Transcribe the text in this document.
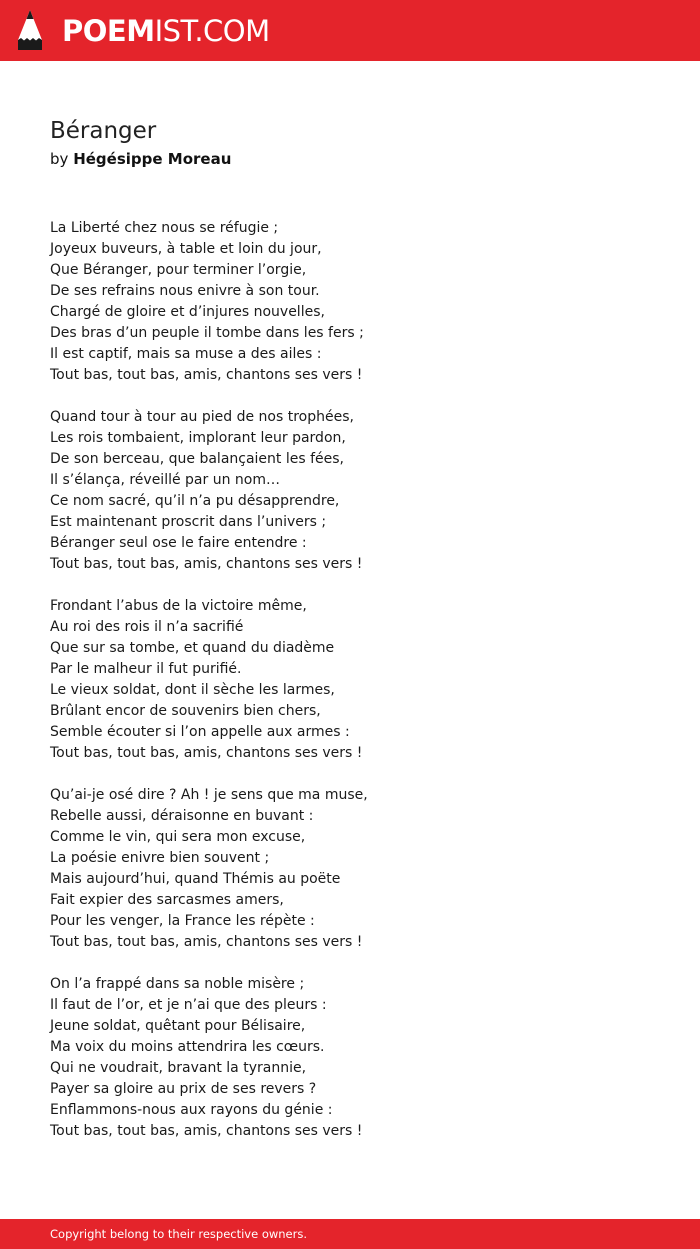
POEMIST.COM
Béranger
by Hégésippe Moreau
La Liberté chez nous se réfugie ;
Joyeux buveurs, à table et loin du jour,
Que Béranger, pour terminer l’orgie,
De ses refrains nous enivre à son tour.
Chargé de gloire et d’injures nouvelles,
Des bras d’un peuple il tombe dans les fers ;
Il est captif, mais sa muse a des ailes :
Tout bas, tout bas, amis, chantons ses vers !
Quand tour à tour au pied de nos trophées,
Les rois tombaient, implorant leur pardon,
De son berceau, que balançaient les fées,
Il s’élança, réveillé par un nom…
Ce nom sacré, qu’il n’a pu désapprendre,
Est maintenant proscrit dans l’univers ;
Béranger seul ose le faire entendre :
Tout bas, tout bas, amis, chantons ses vers !
Frondant l’abus de la victoire même,
Au roi des rois il n’a sacrifié
Que sur sa tombe, et quand du diadème
Par le malheur il fut purifié.
Le vieux soldat, dont il sèche les larmes,
Brûlant encor de souvenirs bien chers,
Semble écouter si l’on appelle aux armes :
Tout bas, tout bas, amis, chantons ses vers !
Qu’ai-je osé dire ? Ah ! je sens que ma muse,
Rebelle aussi, déraisonne en buvant :
Comme le vin, qui sera mon excuse,
La poésie enivre bien souvent ;
Mais aujourd’hui, quand Thémis au poëte
Fait expier des sarcasmes amers,
Pour les venger, la France les répète :
Tout bas, tout bas, amis, chantons ses vers !
On l’a frappé dans sa noble misère ;
Il faut de l’or, et je n’ai que des pleurs :
Jeune soldat, quêtant pour Bélisaire,
Ma voix du moins attendrira les cœurs.
Qui ne voudrait, bravant la tyrannie,
Payer sa gloire au prix de ses revers ?
Enflammons-nous aux rayons du génie :
Tout bas, tout bas, amis, chantons ses vers !
Copyright belong to their respective owners.
